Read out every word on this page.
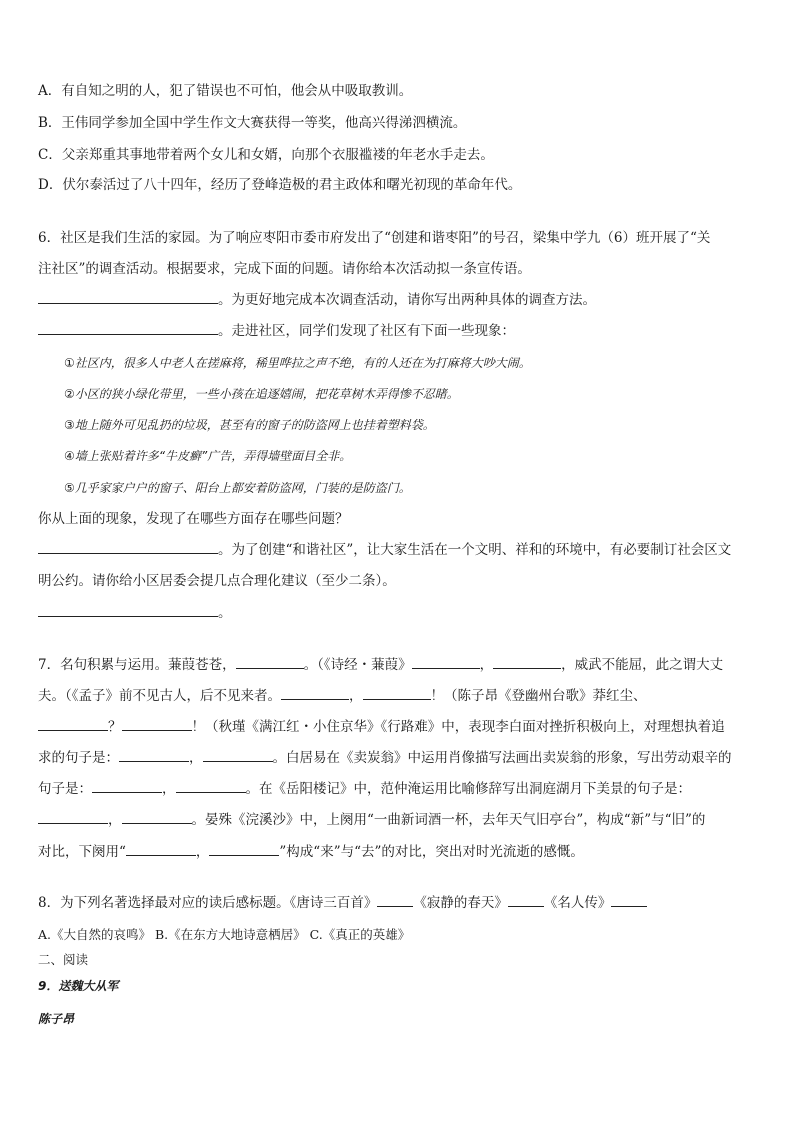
A．有自知之明的人，犯了错误也不可怕，他会从中吸取教训。
B．王伟同学参加全国中学生作文大赛获得一等奖，他高兴得涕泗横流。
C．父亲郑重其事地带着两个女儿和女婿，向那个衣服褴褛的年老水手走去。
D．伏尔泰活过了八十四年，经历了登峰造极的君主政体和曙光初现的革命年代。
6．社区是我们生活的家园。为了响应枣阳市委市府发出了“创建和谐枣阳”的号召，梁集中学九（6）班开展了“关
注社区”的调查活动。根据要求，完成下面的问题。请你给本次活动拟一条宣传语。
。为更好地完成本次调查活动，请你写出两种具体的调查方法。
。走进社区，同学们发现了社区有下面一些现象：
①社区内，很多人中老人在搓麻将，稀里哗拉之声不绝，有的人还在为打麻将大吵大闹。
②小区的狭小绿化带里，一些小孩在追逐嬉闹，把花草树木弄得惨不忍睹。
③地上随外可见乱扔的垃圾，甚至有的窗子的防盗网上也挂着塑料袋。
④墙上张贴着许多“牛皮癣”广告，弄得墙壁面目全非。
⑤几乎家家户户的窗子、阳台上都安着防盗网，门装的是防盗门。
你从上面的现象，发现了在哪些方面存在哪些问题？
。为了创建“和谐社区”，让大家生活在一个文明、祥和的环境中，有必要制订社会区文
明公约。请你给小区居委会提几点合理化建议（至少二条）。
。
7．名句积累与运用。蒹葭苍苍，	。（《诗经・蒹葭》	，	，威武不能屈，此之谓大丈
夫。（《孟子》前不见古人，后不见来者。	，	！（陈子昂《登幽州台歌》莽红尘、
？	！（秋瑾《满江红・小住京华》《行路难》中，表现李白面对挫折积极向上，对理想执着追
求的句子是：	，	。白居易在《卖炭翁》中运用肖像描写法画出卖炭翁的形象，写出劳动艰辛的
句子是：	，	。在《岳阳楼记》中，范仲淹运用比喻修辞写出洞庭湖月下美景的句子是：
，	。晏殊《浣溪沙》中，上阕用“一曲新词酒一杯，去年天气旧亭台”，构成“新”与“旧”的
对比，下阕用“	，	”构成“来”与“去”的对比，突出对时光流逝的感慨。
8．为下列名著选择最对应的读后感标题。《唐诗三百首》	《寂静的春天》	《名人传》
A.《大自然的哀鸣》 B.《在东方大地诗意栖居》 C.《真正的英雄》
二、阅读
9．送魏大从军
陈子昂
